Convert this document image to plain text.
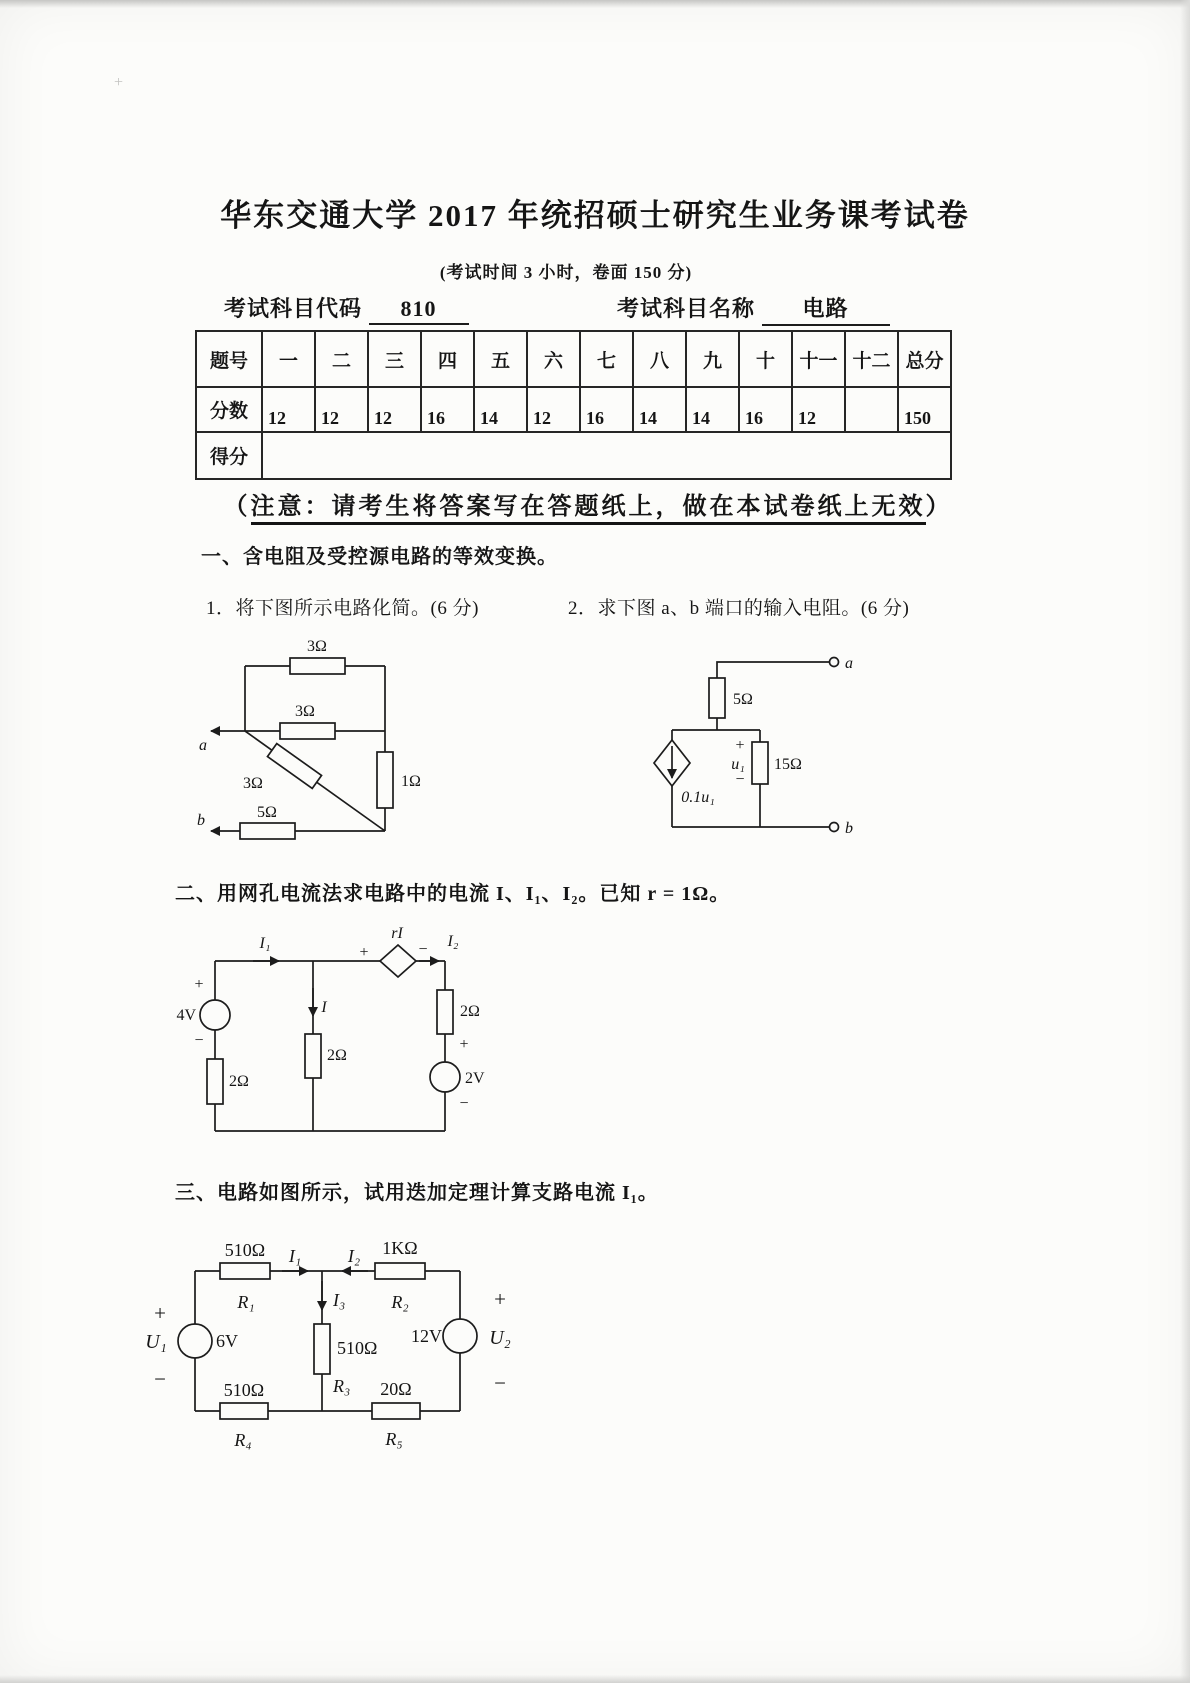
+
华东交通大学 2017 年统招硕士研究生业务课考试卷
(考试时间 3 小时，卷面 150 分)
考试科目代码 810	考试科目名称 电路
题号	一	二	三	四	五	六	七	八	九	十	十一	十二	总分
分数	12	12	12	16	14	12	16	14	14	16	12		150
得分													
（注意：请考生将答案写在答题纸上，做在本试卷纸上无效）
一、含电阻及受控源电路的等效变换。
1．将下图所示电路化简。(6 分)	2．求下图 a、b 端口的输入电阻。(6 分)
3Ω
3Ω
3Ω	1Ω
5Ω
a
b
5Ω
a
b
+
u₁
−
15Ω
0.1u₁
二、用网孔电流法求电路中的电流 I、I₁、I₂。已知 r = 1Ω。
I₁
rI
+	− I₂
+
4V
−
2Ω
I
2Ω
2Ω
+
2V
−
三、电路如图所示，试用迭加定理计算支路电流 I₁。
510Ω
R₁
I₁	I₂ 1KΩ
R₂
I₃
510Ω
R₃
+
U₁	6V
−	510Ω
R₄
20Ω
R₅
12V
+
U₂
−
